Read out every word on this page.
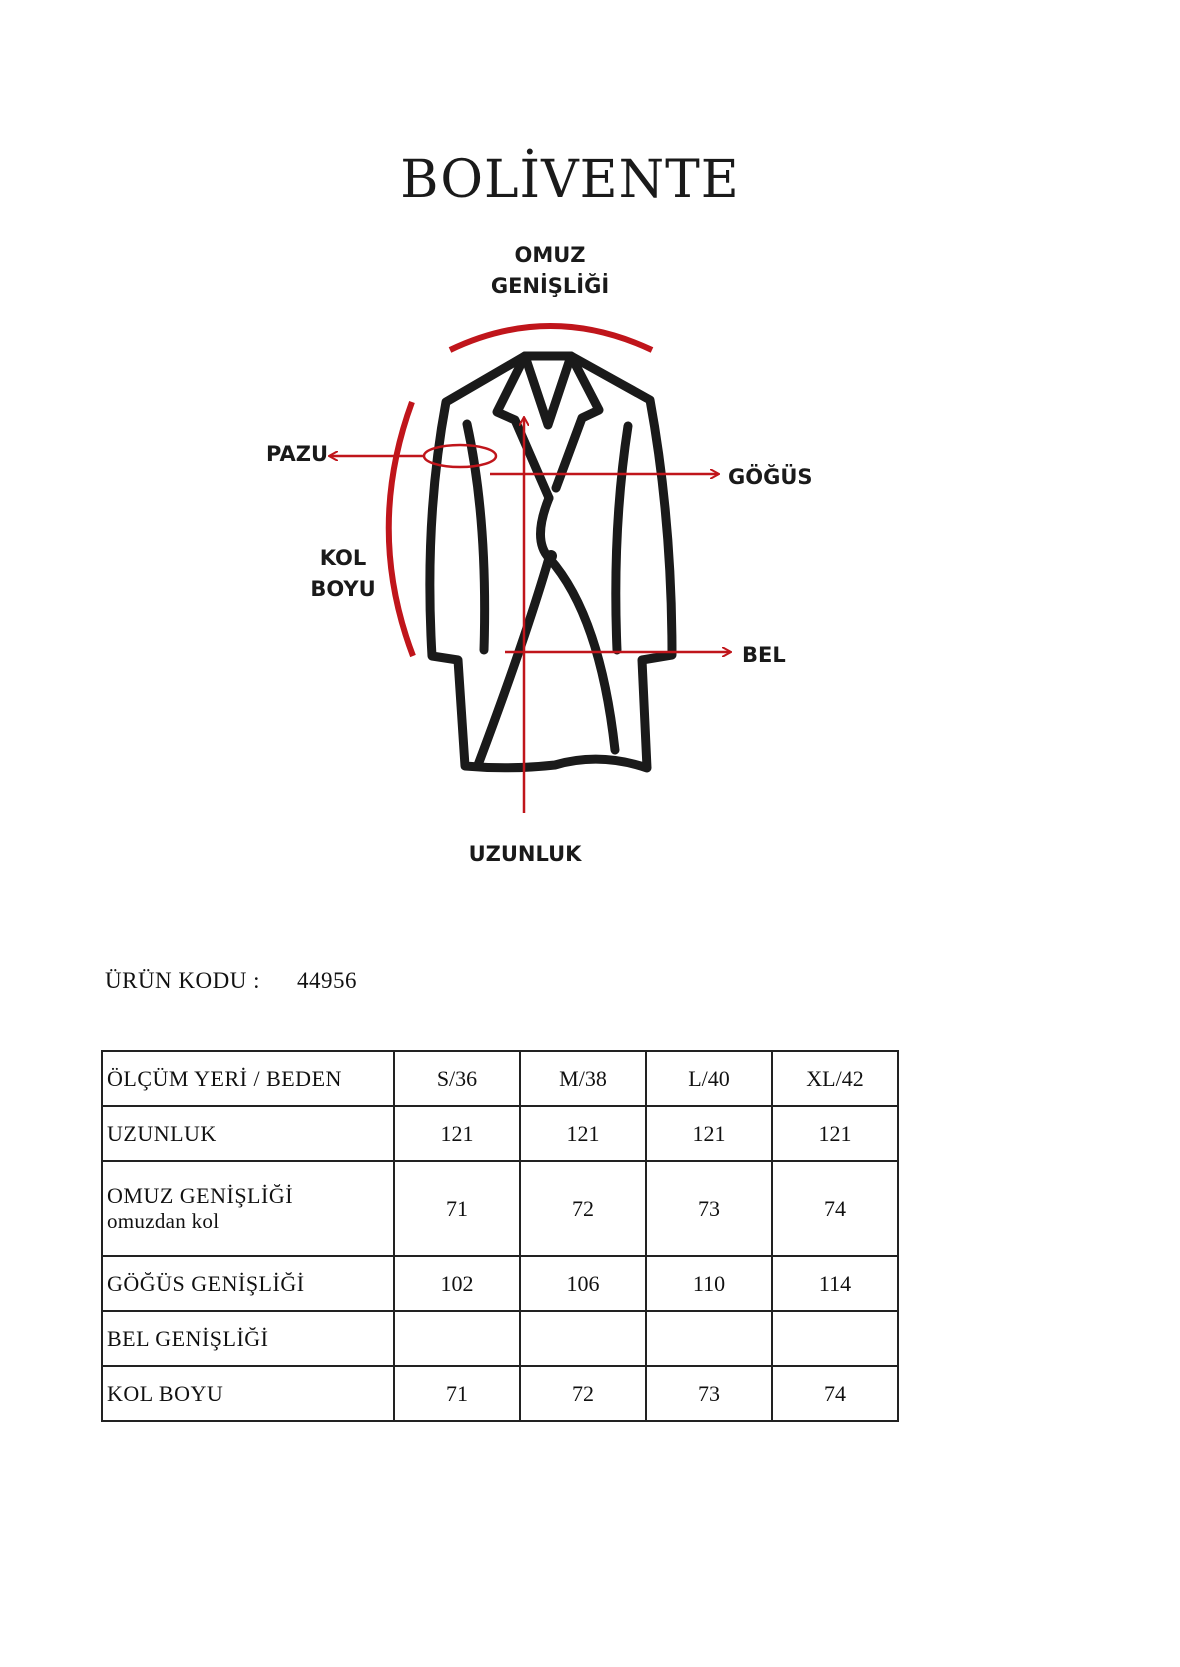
BOLİVENTE
OMUZ
GENİŞLİĞİ
PAZU
GÖĞÜS
KOL
BOYU
BEL
UZUNLUK
ÜRÜN KODU : 44956
ÖLÇÜM YERİ / BEDEN	S/36	M/38	L/40	XL/42
UZUNLUK	121	121	121	121

OMUZ GENİŞLİĞİ
omuzdan kol	71	72	73	74
GÖĞÜS GENİŞLİĞİ	102	106	110	114
BEL GENİŞLİĞİ				
KOL BOYU	71	72	73	74
